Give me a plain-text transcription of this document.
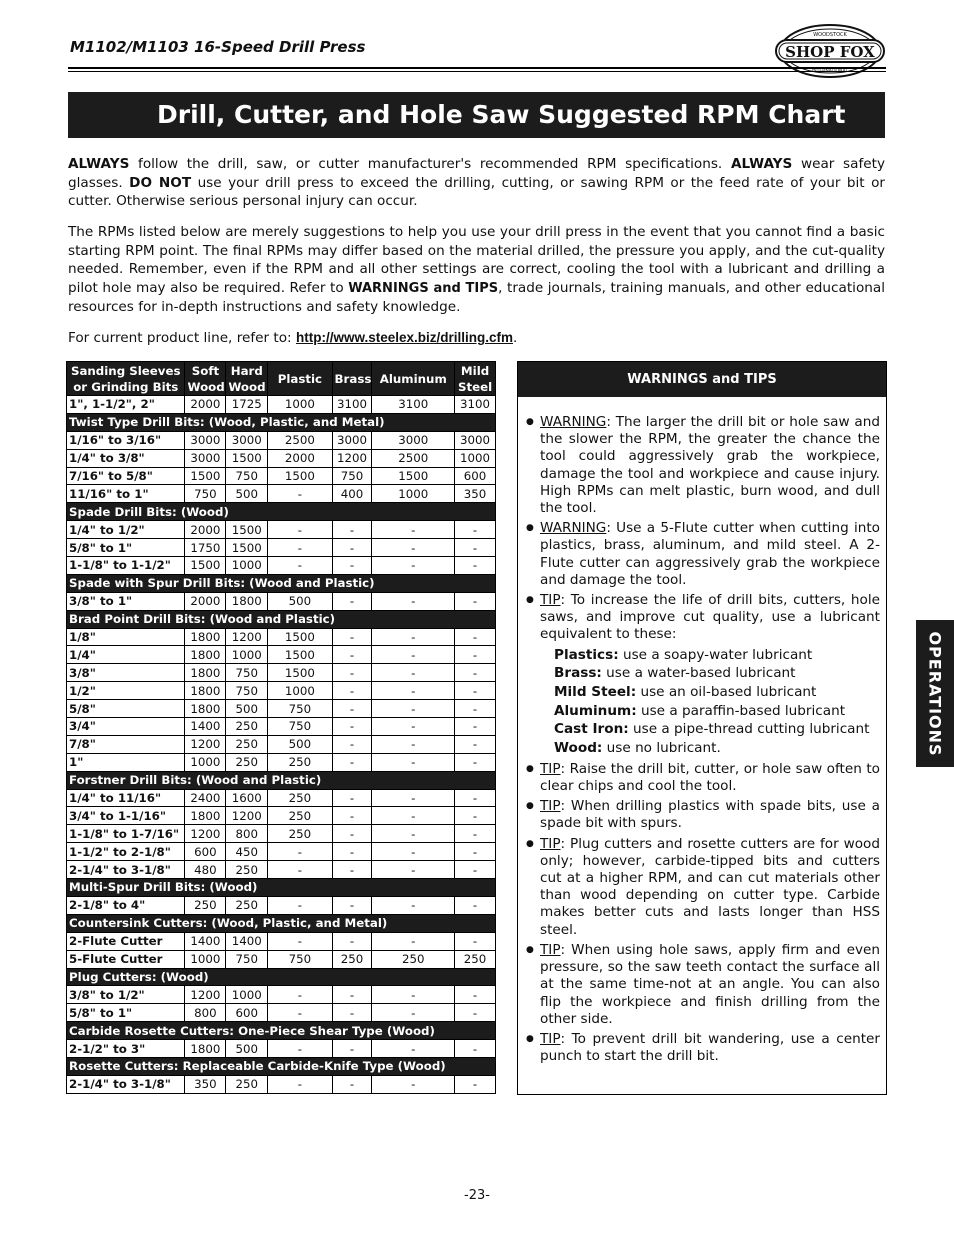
M1102/M1103 16-Speed Drill Press	SHOP FOX
WOODSTOCK
Drill, Cutter, and Hole Saw Suggested RPM Chart
ALWAYS follow the drill, saw, or cutter manufacturer's recommended RPM specifications. ALWAYS wear safety glasses. DO NOT use your drill press to exceed the drilling, cutting, or sawing RPM or the feed rate of your bit or cutter. Otherwise serious personal injury can occur.
The RPMs listed below are merely suggestions to help you use your drill press in the event that you cannot find a basic starting RPM point. The final RPMs may differ based on the material drilled, the pressure you apply, and the cut-quality needed. Remember, even if the RPM and all other settings are correct, cooling the tool with a lubricant and drilling a pilot hole may also be required. Refer to WARNINGS and TIPS, trade journals, training manuals, and other educational resources for in-depth instructions and safety knowledge.
For current product line, refer to: http://www.steelex.biz/drilling.cfm.
Sanding Sleeves or Grinding Bits	Soft Wood	Hard Wood	Plastic	Brass	Aluminum	Mild Steel
1", 1-1/2", 2"	2000	1725	1000	3100	3100	3100
Twist Type Drill Bits: (Wood, Plastic, and Metal)						
1/16" to 3/16"	3000	3000	2500	3000	3000	3000
1/4" to 3/8"	3000	1500	2000	1200	2500	1000
7/16" to 5/8"	1500	750	1500	750	1500	600
11/16" to 1"	750	500	-	400	1000	350
Spade Drill Bits: (Wood)						
1/4" to 1/2"	2000	1500	-	-	-	-
5/8" to 1"	1750	1500	-	-	-	-
1-1/8" to 1-1/2"	1500	1000	-	-	-	-
Spade with Spur Drill Bits: (Wood and Plastic)						
3/8" to 1"	2000	1800	500	-	-	-
Brad Point Drill Bits: (Wood and Plastic)						
1/8"	1800	1200	1500	-	-	-
1/4"	1800	1000	1500	-	-	-
3/8"	1800	750	1500	-	-	-
1/2"	1800	750	1000	-	-	-
5/8"	1800	500	750	-	-	-
3/4"	1400	250	750	-	-	-
7/8"	1200	250	500	-	-	-
1"	1000	250	250	-	-	-
Forstner Drill Bits: (Wood and Plastic)						
1/4" to 11/16"	2400	1600	250	-	-	-
3/4" to 1-1/16"	1800	1200	250	-	-	-
1-1/8" to 1-7/16"	1200	800	250	-	-	-
1-1/2" to 2-1/8"	600	450	-	-	-	-
2-1/4" to 3-1/8"	480	250	-	-	-	-
Multi-Spur Drill Bits: (Wood)						
2-1/8" to 4"	250	250	-	-	-	-
Countersink Cutters: (Wood, Plastic, and Metal)						
2-Flute Cutter	1400	1400	-	-	-	-
5-Flute Cutter	1000	750	750	250	250	250
Plug Cutters: (Wood)						
3/8" to 1/2"	1200	1000	-	-	-	-
5/8" to 1"	800	600	-	-	-	-
Carbide Rosette Cutters: One-Piece Shear Type (Wood)						
2-1/2" to 3"	1800	500	-	-	-	-
Rosette Cutters: Replaceable Carbide-Knife Type (Wood)						
2-1/4" to 3-1/8"	350	250	-	-	-	-
WARNINGS and TIPS
● WARNING: The larger the drill bit or hole saw and the slower the RPM, the greater the chance the tool could aggressively grab the workpiece, damage the tool and workpiece and cause injury. High RPMs can melt plastic, burn wood, and dull the tool.
● WARNING: Use a 5-Flute cutter when cutting into plastics, brass, aluminum, and mild steel. A 2-Flute cutter can aggressively grab the workpiece and damage the tool.
● TIP: To increase the life of drill bits, cutters, hole saws, and improve cut quality, use a lubricant equivalent to these:
Plastics: use a soapy-water lubricant
Brass: use a water-based lubricant
Mild Steel: use an oil-based lubricant
Aluminum: use a paraffin-based lubricant
Cast Iron: use a pipe-thread cutting lubricant
Wood: use no lubricant.
● TIP: Raise the drill bit, cutter, or hole saw often to clear chips and cool the tool.
● TIP: When drilling plastics with spade bits, use a spade bit with spurs.
● TIP: Plug cutters and rosette cutters are for wood only; however, carbide-tipped bits and cutters cut at a higher RPM, and can cut materials other than wood depending on cutter type. Carbide makes better cuts and lasts longer than HSS steel.
● TIP: When using hole saws, apply firm and even pressure, so the saw teeth contact the surface all at the same time-not at an angle. You can also flip the workpiece and finish drilling from the other side.
● TIP: To prevent drill bit wandering, use a center punch to start the drill bit.
OPERATIONS
-23-
